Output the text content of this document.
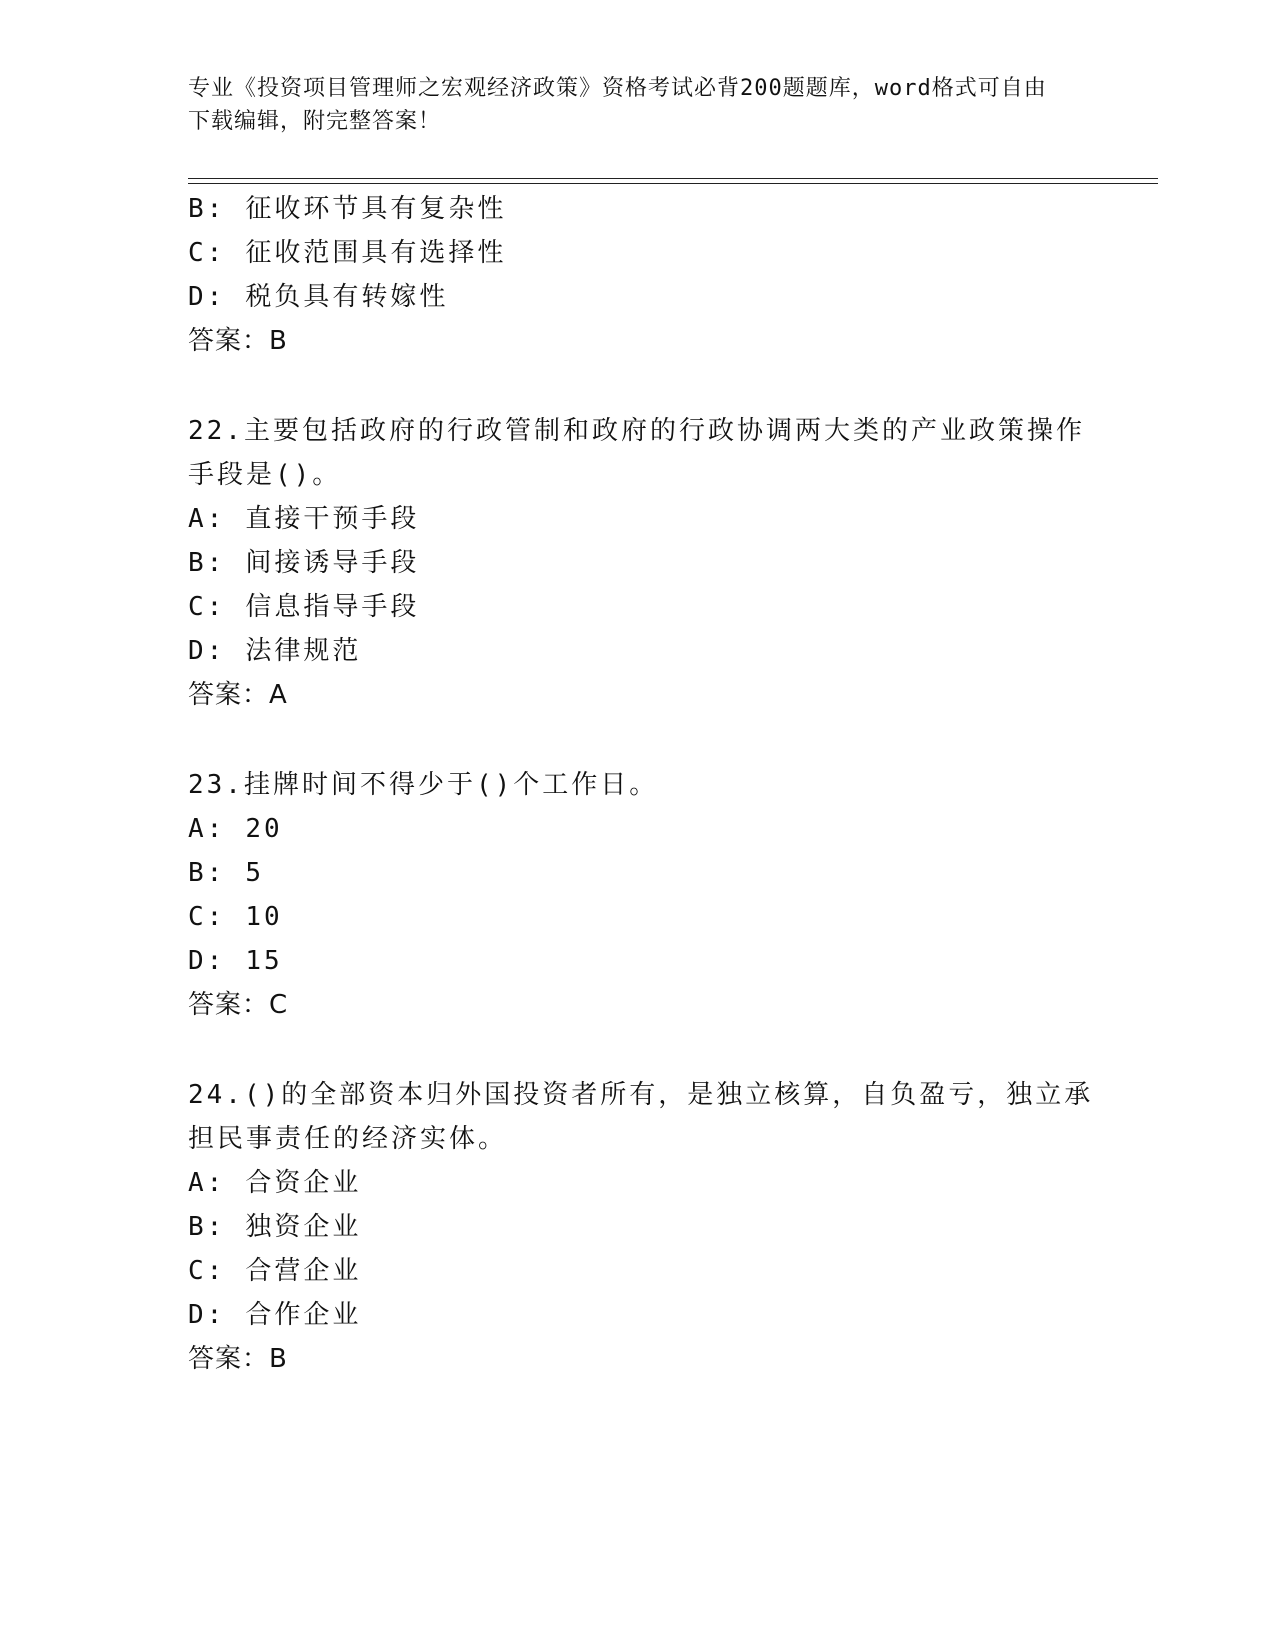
专业《投资项目管理师之宏观经济政策》资格考试必背200题题库，word格式可自由下载编辑，附完整答案！
B: 征收环节具有复杂性
C: 征收范围具有选择性
D: 税负具有转嫁性
答案：B
22.主要包括政府的行政管制和政府的行政协调两大类的产业政策操作
手段是()。
A: 直接干预手段
B: 间接诱导手段
C: 信息指导手段
D: 法律规范
答案：A
23.挂牌时间不得少于()个工作日。
A: 20
B: 5
C: 10
D: 15
答案：C
24.()的全部资本归外国投资者所有，是独立核算，自负盈亏，独立承
担民事责任的经济实体。
A: 合资企业
B: 独资企业
C: 合营企业
D: 合作企业
答案：B
